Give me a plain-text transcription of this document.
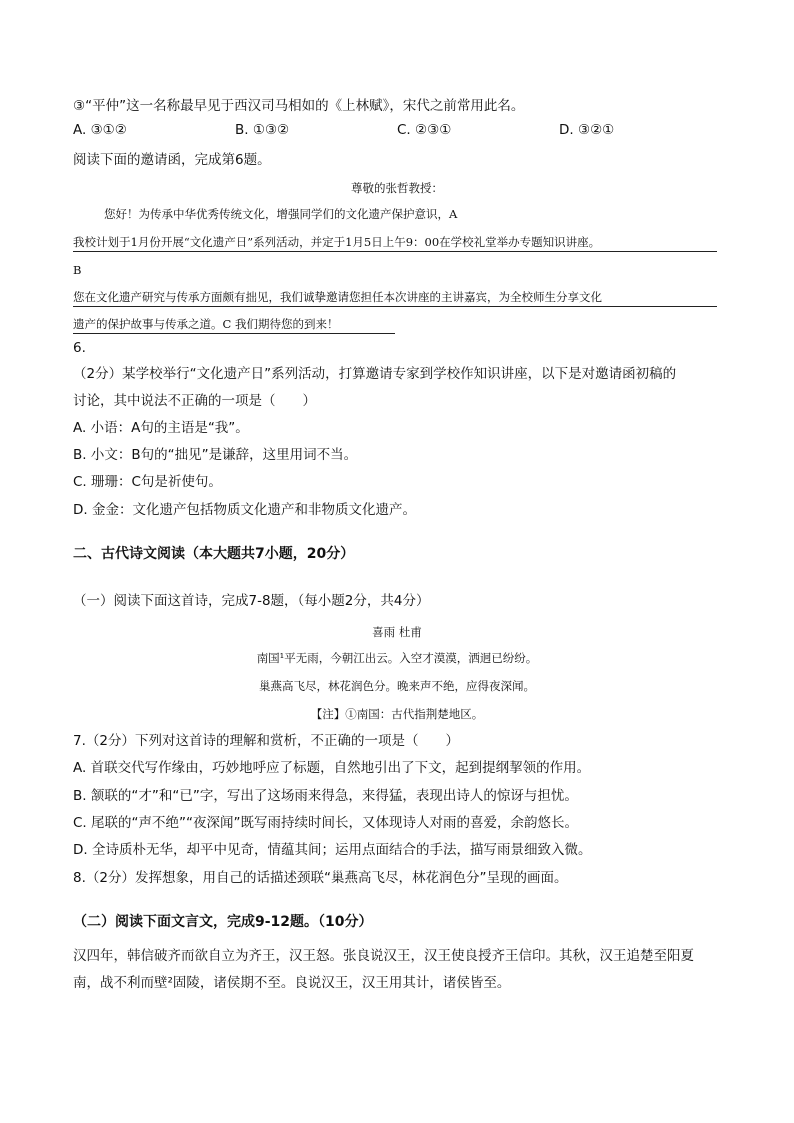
③“平仲”这一名称最早见于西汉司马相如的《上林赋》，宋代之前常用此名。
A. ③①②	B. ①③②	C. ②③①	D. ③②①
阅读下面的邀请函，完成第6题。
尊敬的张哲教授：
您好！为传承中华优秀传统文化，增强同学们的文化遗产保护意识，A
我校计划于1月份开展“文化遗产日”系列活动，并定于1月5日上午9：00在学校礼堂举办专题知识讲座。
B
您在文化遗产研究与传承方面颇有拙见，我们诚挚邀请您担任本次讲座的主讲嘉宾，为全校师生分享文化
遗产的保护故事与传承之道。C 我们期待您的到来！
6.
（2分）某学校举行“文化遗产日”系列活动，打算邀请专家到学校作知识讲座，以下是对邀请函初稿的
讨论，其中说法不正确的一项是（　　）
A. 小语：A句的主语是“我”。
B. 小文：B句的“拙见”是谦辞，这里用词不当。
C. 珊珊：C句是祈使句。
D. 金金：文化遗产包括物质文化遗产和非物质文化遗产。
二、古代诗文阅读（本大题共7小题，20分）
（一）阅读下面这首诗，完成7-8题，（每小题2分，共4分）
喜雨 杜甫
南国¹平无雨，今朝江出云。入空才漠漠，洒迥已纷纷。
巢燕高飞尽，林花润色分。晚来声不绝，应得夜深闻。
【注】①南国：古代指荆楚地区。
7.（2分）下列对这首诗的理解和赏析，不正确的一项是（　　）
A. 首联交代写作缘由，巧妙地呼应了标题，自然地引出了下文，起到提纲挈领的作用。
B. 颔联的“才”和“已”字，写出了这场雨来得急，来得猛，表现出诗人的惊讶与担忧。
C. 尾联的“声不绝”“夜深闻”既写雨持续时间长，又体现诗人对雨的喜爱，余韵悠长。
D. 全诗质朴无华，却平中见奇，情蕴其间；运用点面结合的手法，描写雨景细致入微。
8.（2分）发挥想象，用自己的话描述颈联“巢燕高飞尽，林花润色分”呈现的画面。
（二）阅读下面文言文，完成9-12题。（10分）
汉四年，韩信破齐而欲自立为齐王，汉王怒。张良说汉王，汉王使良授齐王信印。其秋，汉王追楚至阳夏
南，战不利而壁²固陵，诸侯期不至。良说汉王，汉王用其计，诸侯皆至。
